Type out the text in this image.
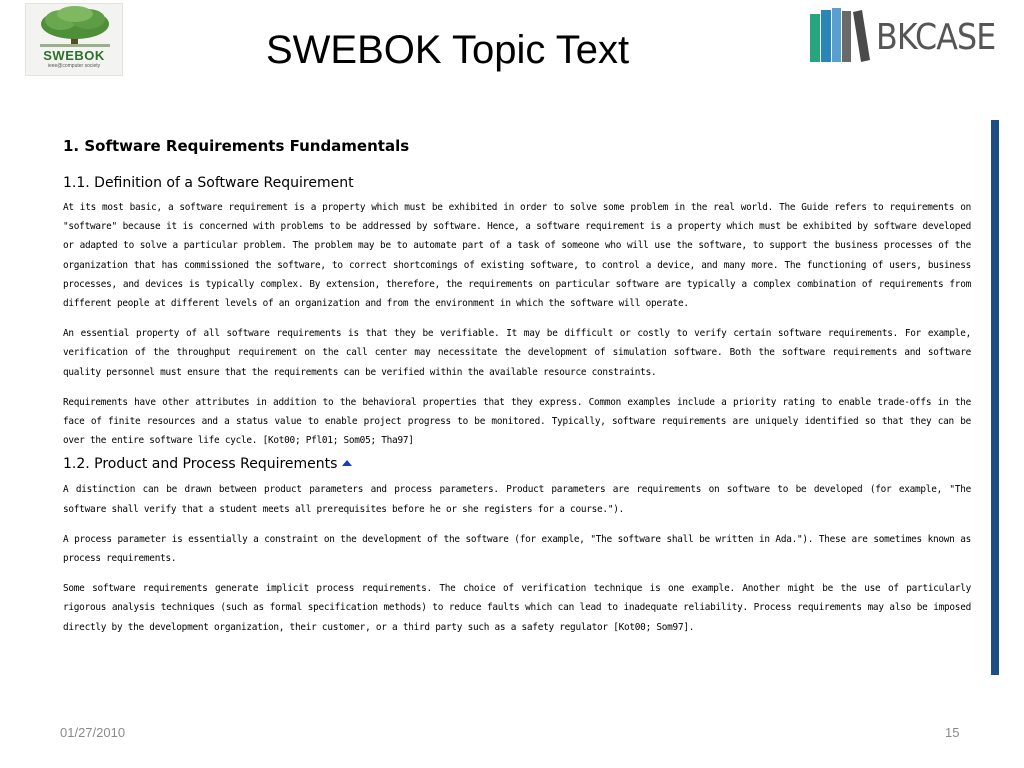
SWEBOK
ieee@computer society	SWEBOK Topic Text	BKCASE
1. Software Requirements Fundamentals
1.1. Definition of a Software Requirement

At its most basic, a software requirement is a property which must be exhibited in order to solve some problem in the real world. The Guide refers to requirements on "software" because it is concerned with problems to be addressed by software. Hence, a software requirement is a property which must be exhibited by software developed or adapted to solve a particular problem. The problem may be to automate part of a task of someone who will use the software, to support the business processes of the organization that has commissioned the software, to correct shortcomings of existing software, to control a device, and many more. The functioning of users, business processes, and devices is typically complex. By extension, therefore, the requirements on particular software are typically a complex combination of requirements from different people at different levels of an organization and from the environment in which the software will operate.

An essential property of all software requirements is that they be verifiable. It may be difficult or costly to verify certain software requirements. For example, verification of the throughput requirement on the call center may necessitate the development of simulation software. Both the software requirements and software quality personnel must ensure that the requirements can be verified within the available resource constraints.

Requirements have other attributes in addition to the behavioral properties that they express. Common examples include a priority rating to enable trade-offs in the face of finite resources and a status value to enable project progress to be monitored. Typically, software requirements are uniquely identified so that they can be over the entire software life cycle. [Kot00; Pfl01; Som05; Tha97]

1.2. Product and Process Requirements

A distinction can be drawn between product parameters and process parameters. Product parameters are requirements on software to be developed (for example, "The software shall verify that a student meets all prerequisites before he or she registers for a course.").

A process parameter is essentially a constraint on the development of the software (for example, "The software shall be written in Ada."). These are sometimes known as process requirements.

Some software requirements generate implicit process requirements. The choice of verification technique is one example. Another might be the use of particularly rigorous analysis techniques (such as formal specification methods) to reduce faults which can lead to inadequate reliability. Process requirements may also be imposed directly by the development organization, their customer, or a third party such as a safety regulator [Kot00; Som97].

01/27/2010	15
